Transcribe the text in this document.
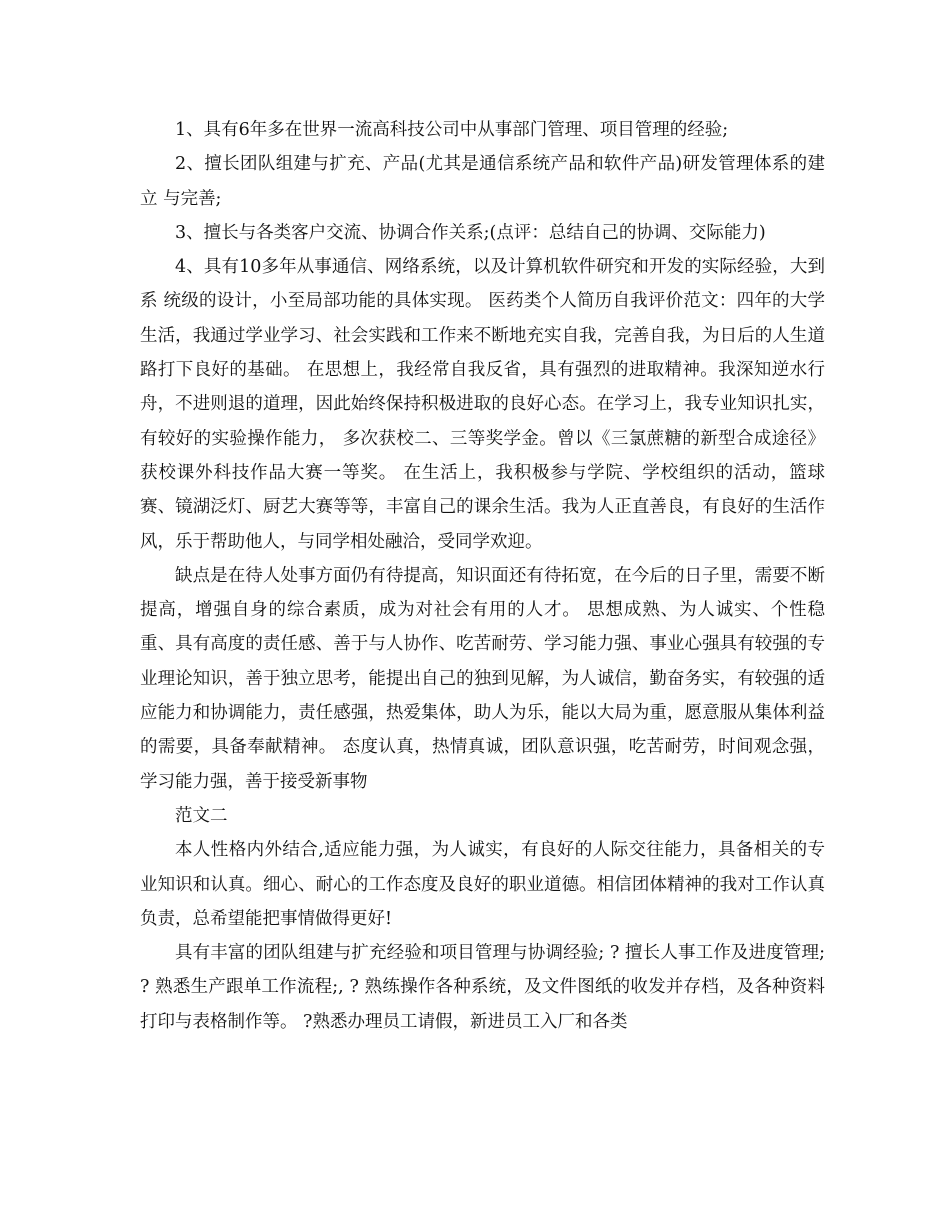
1、具有6年多在世界一流高科技公司中从事部门管理、项目管理的经验;

2、擅长团队组建与扩充、产品(尤其是通信系统产品和软件产品)研发管理体系的建立 与完善;

3、擅长与各类客户交流、协调合作关系;(点评：总结自己的协调、交际能力)

4、具有10多年从事通信、网络系统，以及计算机软件研究和开发的实际经验，大到系 统级的设计，小至局部功能的具体实现。 医药类个人简历自我评价范文：四年的大学生活，我通过学业学习、社会实践和工作来不断地充实自我，完善自我，为日后的人生道路打下良好的基础。 在思想上，我经常自我反省，具有强烈的进取精神。我深知逆水行舟，不进则退的道理，因此始终保持积极进取的良好心态。在学习上，我专业知识扎实，有较好的实验操作能力， 多次获校二、三等奖学金。曾以《三氯蔗糖的新型合成途径》获校课外科技作品大赛一等奖。 在生活上，我积极参与学院、学校组织的活动，篮球赛、镜湖泛灯、厨艺大赛等等，丰富自己的课余生活。我为人正直善良，有良好的生活作风，乐于帮助他人，与同学相处融洽，受同学欢迎。

缺点是在待人处事方面仍有待提高，知识面还有待拓宽，在今后的日子里，需要不断提高，增强自身的综合素质，成为对社会有用的人才。 思想成熟、为人诚实、个性稳重、具有高度的责任感、善于与人协作、吃苦耐劳、学习能力强、事业心强具有较强的专业理论知识，善于独立思考，能提出自己的独到见解，为人诚信，勤奋务实，有较强的适应能力和协调能力，责任感强，热爱集体，助人为乐，能以大局为重，愿意服从集体利益的需要，具备奉献精神。 态度认真，热情真诚，团队意识强，吃苦耐劳，时间观念强，学习能力强，善于接受新事物

范文二

本人性格内外结合,适应能力强，为人诚实，有良好的人际交往能力，具备相关的专业知识和认真。细心、耐心的工作态度及良好的职业道德。相信团体精神的我对工作认真负责，总希望能把事情做得更好!

具有丰富的团队组建与扩充经验和项目管理与协调经验; ? 擅长人事工作及进度管理; ? 熟悉生产跟单工作流程;, ? 熟练操作各种系统，及文件图纸的收发并存档，及各种资料打印与表格制作等。 ?熟悉办理员工请假，新进员工入厂和各类
